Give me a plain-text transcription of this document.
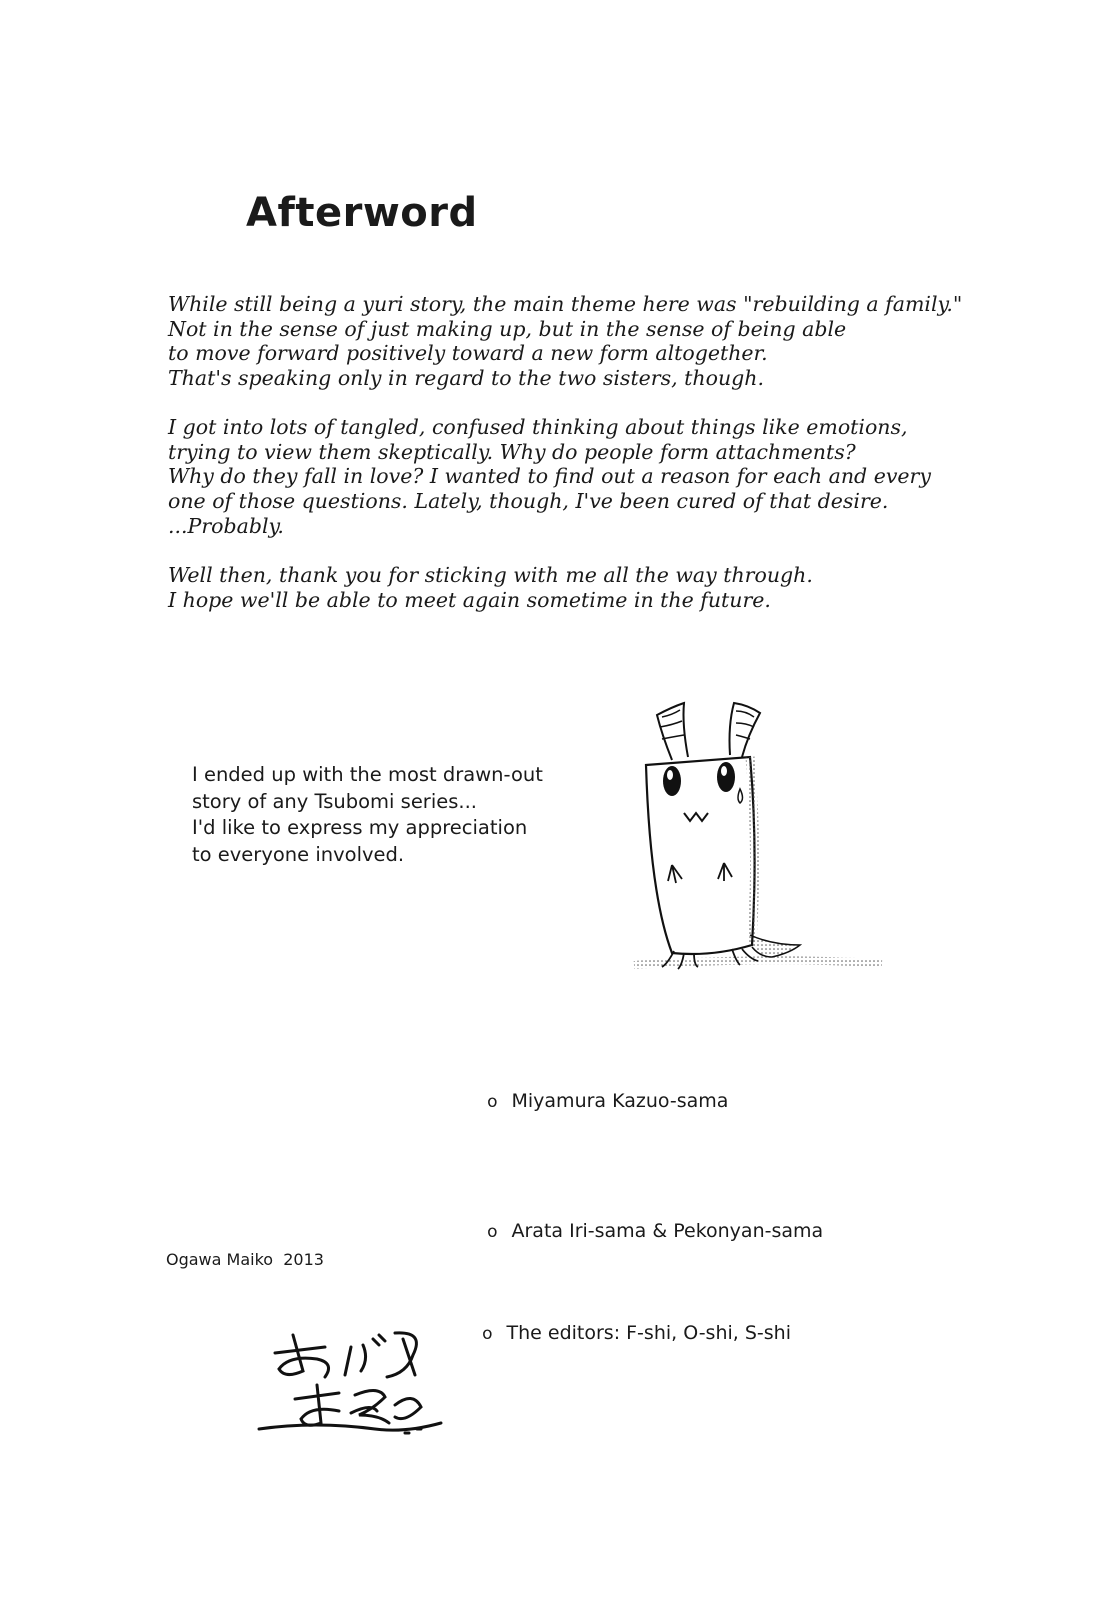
Afterword

While still being a yuri story, the main theme here was "rebuilding a family."
Not in the sense of just making up, but in the sense of being able
to move forward positively toward a new form altogether.
That's speaking only in regard to the two sisters, though.

I got into lots of tangled, confused thinking about things like emotions,
trying to view them skeptically. Why do people form attachments?
Why do they fall in love? I wanted to find out a reason for each and every
one of those questions. Lately, though, I've been cured of that desire.
...Probably.

Well then, thank you for sticking with me all the way through.
I hope we'll be able to meet again sometime in the future.

I ended up with the most drawn-out
story of any Tsubomi series...
I'd like to express my appreciation
to everyone involved.

o Miyamura Kazuo-sama

o Arata Iri-sama & Pekonyan-sama

o The editors: F-shi, O-shi, S-shi

Ogawa Maiko  2013
